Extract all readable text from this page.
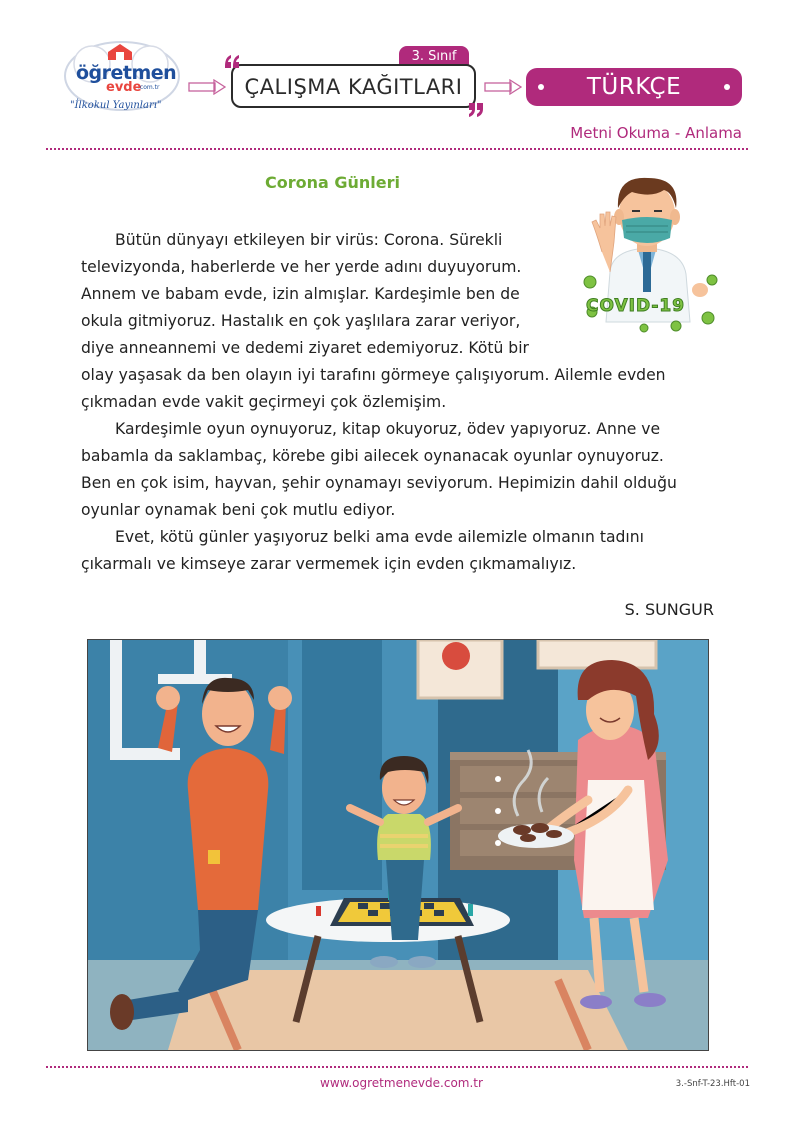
öğretmen
evde
.com.tr
"İlkokul Yayınları"
3. Sınıf
ÇALIŞMA KAĞITLARI	TÜRKÇE
Metni Okuma - Anlama
Corona Günleri
COVID-19

Bütün dünyayı etkileyen bir virüs: Corona. Sürekli

televizyonda, haberlerde ve her yerde adını duyuyorum.

Annem ve babam evde, izin almışlar. Kardeşimle ben de

okula gitmiyoruz. Hastalık en çok yaşlılara zarar veriyor,

diye anneannemi ve dedemi ziyaret edemiyoruz. Kötü bir

olay yaşasak da ben olayın iyi tarafını görmeye çalışıyorum. Ailemle evden

çıkmadan evde vakit geçirmeyi çok özlemişim.

Kardeşimle oyun oynuyoruz, kitap okuyoruz, ödev yapıyoruz. Anne ve

babamla da saklambaç, körebe gibi ailecek oynanacak oyunlar oynuyoruz.

Ben en çok isim, hayvan, şehir oynamayı seviyorum. Hepimizin dahil olduğu

oyunlar oynamak beni çok mutlu ediyor.

Evet, kötü günler yaşıyoruz belki ama evde ailemizle olmanın tadını

çıkarmalı ve kimseye zarar vermemek için evden çıkmamalıyız.

S. SUNGUR
www.ogretmenevde.com.tr	3.-Snf-T-23.Hft-01
